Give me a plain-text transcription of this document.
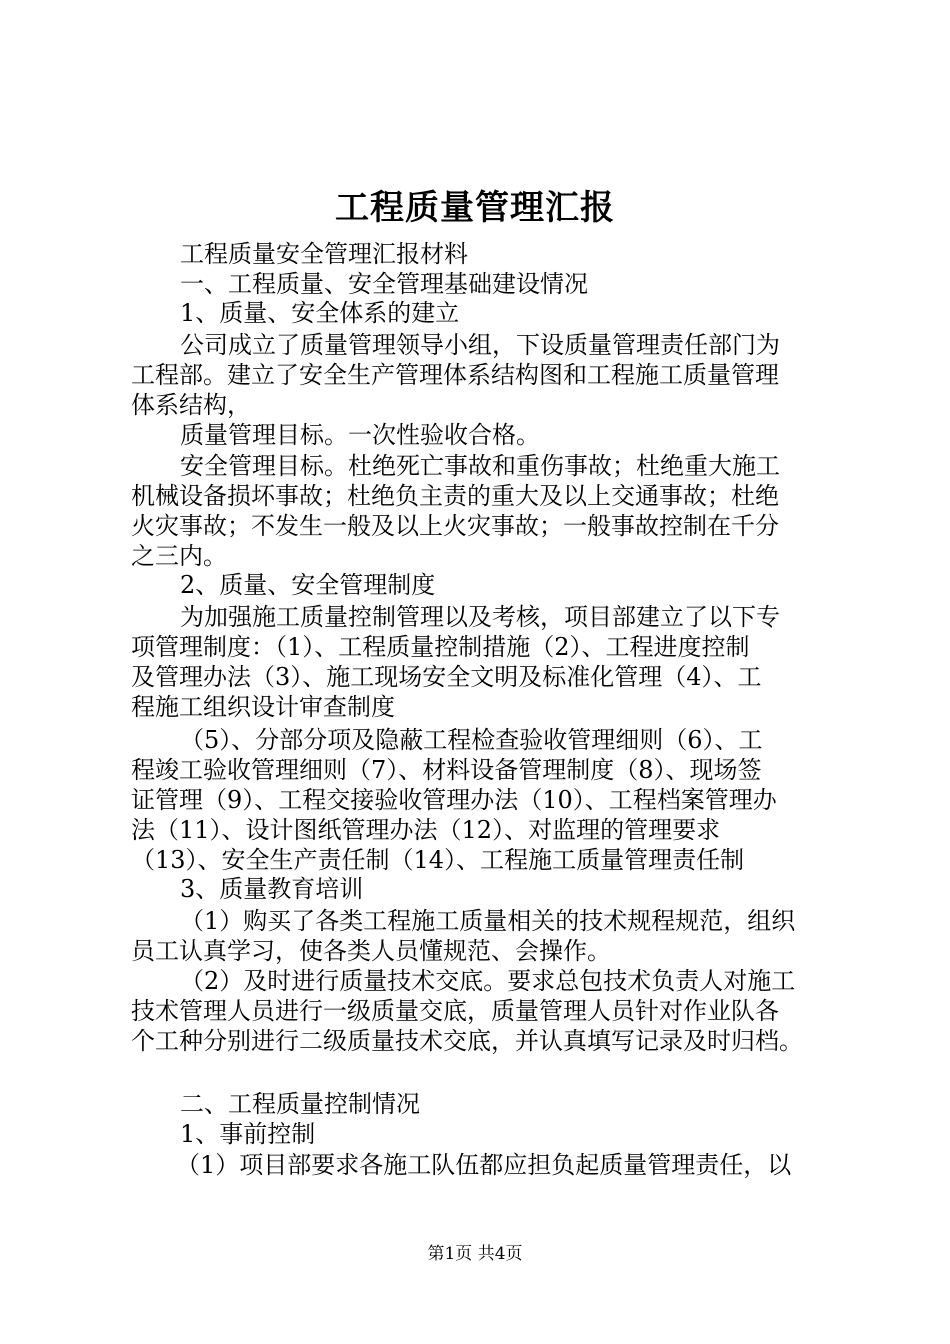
工程质量管理汇报
工程质量安全管理汇报材料
一、工程质量、安全管理基础建设情况
1、质量、安全体系的建立
公司成立了质量管理领导小组，下设质量管理责任部门为
工程部。建立了安全生产管理体系结构图和工程施工质量管理
体系结构，
质量管理目标。一次性验收合格。
安全管理目标。杜绝死亡事故和重伤事故；杜绝重大施工
机械设备损坏事故；杜绝负主责的重大及以上交通事故；杜绝
火灾事故；不发生一般及以上火灾事故；一般事故控制在千分
之三内。
2、质量、安全管理制度
为加强施工质量控制管理以及考核，项目部建立了以下专
项管理制度：（1）、工程质量控制措施（2）、工程进度控制
及管理办法（3）、施工现场安全文明及标准化管理（4）、工
程施工组织设计审查制度
（5）、分部分项及隐蔽工程检查验收管理细则（6）、工
程竣工验收管理细则（7）、材料设备管理制度（8）、现场签
证管理（9）、工程交接验收管理办法（10）、工程档案管理办
法（11）、设计图纸管理办法（12）、对监理的管理要求
（13）、安全生产责任制（14）、工程施工质量管理责任制
3、质量教育培训
（1）购买了各类工程施工质量相关的技术规程规范，组织
员工认真学习，使各类人员懂规范、会操作。
（2）及时进行质量技术交底。要求总包技术负责人对施工
技术管理人员进行一级质量交底，质量管理人员针对作业队各
个工种分别进行二级质量技术交底，并认真填写记录及时归档。
二、工程质量控制情况
1、事前控制
（1）项目部要求各施工队伍都应担负起质量管理责任，以
第1页 共4页
